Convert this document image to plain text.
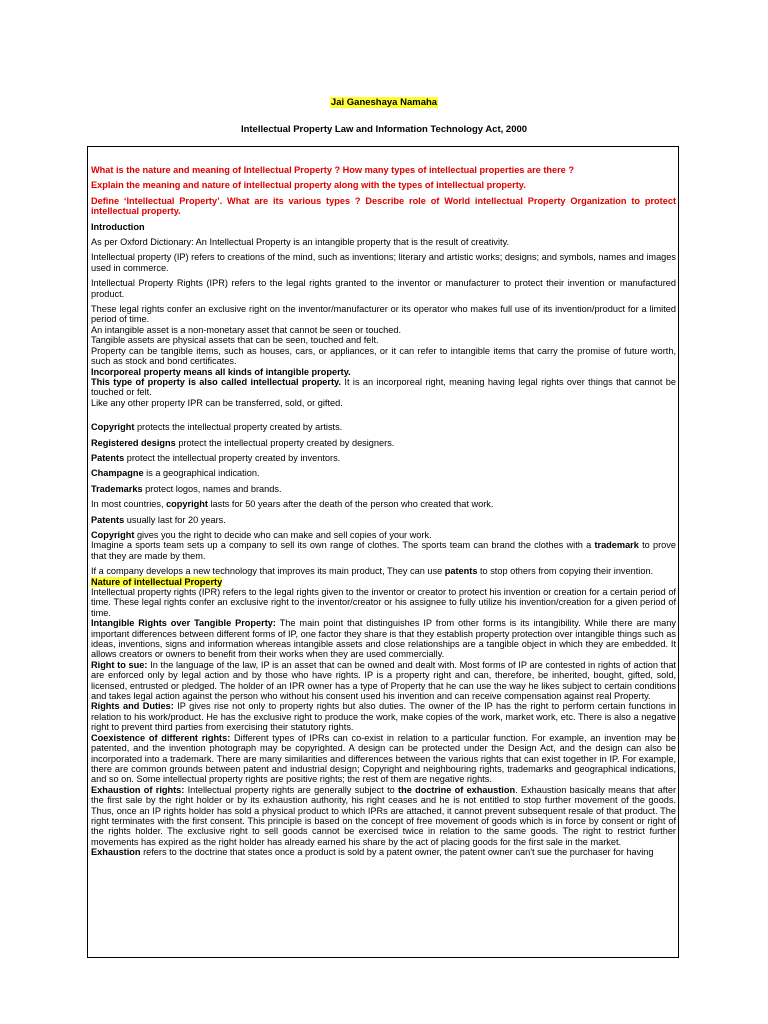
Jai Ganeshaya Namaha
Intellectual Property Law and Information Technology Act, 2000

What is the nature and meaning of Intellectual Property ? How many types of intellectual properties are there ?

Explain the meaning and nature of intellectual property along with the types of intellectual property.

Define ‘Intellectual Property’. What are its various types ? Describe role of World intellectual Property Organization to protect intellectual property.

Introduction

As per Oxford Dictionary: An Intellectual Property is an intangible property that is the result of creativity.

Intellectual property (IP) refers to creations of the mind, such as inventions; literary and artistic works; designs; and symbols, names and images used in commerce.

Intellectual Property Rights (IPR) refers to the legal rights granted to the inventor or manufacturer to protect their invention or manufactured product.

These legal rights confer an exclusive right on the inventor/manufacturer or its operator who makes full use of its invention/product for a limited period of time.

An intangible asset is a non-monetary asset that cannot be seen or touched.

Tangible assets are physical assets that can be seen, touched and felt.

Property can be tangible items, such as houses, cars, or appliances, or it can refer to intangible items that carry the promise of future worth, such as stock and bond certificates.

Incorporeal property means all kinds of intangible property.

This type of property is also called intellectual property. It is an incorporeal right, meaning having legal rights over things that cannot be touched or felt.

Like any other property IPR can be transferred, sold, or gifted.

Copyright protects the intellectual property created by artists.

Registered designs protect the intellectual property created by designers.

Patents protect the intellectual property created by inventors.

Champagne is a geographical indication.

Trademarks protect logos, names and brands.

In most countries, copyright lasts for 50 years after the death of the person who created that work.

Patents usually last for 20 years.

Copyright gives you the right to decide who can make and sell copies of your work.

Imagine a sports team sets up a company to sell its own range of clothes. The sports team can brand the clothes with a trademark to prove that they are made by them.

If a company develops a new technology that improves its main product, They can use patents to stop others from copying their invention.

Nature of intellectual Property

Intellectual property rights (IPR) refers to the legal rights given to the inventor or creator to protect his invention or creation for a certain period of time. These legal rights confer an exclusive right to the inventor/creator or his assignee to fully utilize his invention/creation for a given period of time.

Intangible Rights over Tangible Property: The main point that distinguishes IP from other forms is its intangibility. While there are many important differences between different forms of IP, one factor they share is that they establish property protection over intangible things such as ideas, inventions, signs and information whereas intangible assets and close relationships are a tangible object in which they are embedded. It allows creators or owners to benefit from their works when they are used commercially.

Right to sue: In the language of the law, IP is an asset that can be owned and dealt with. Most forms of IP are contested in rights of action that are enforced only by legal action and by those who have rights. IP is a property right and can, therefore, be inherited, bought, gifted, sold, licensed, entrusted or pledged. The holder of an IPR owner has a type of Property that he can use the way he likes subject to certain conditions and takes legal action against the person who without his consent used his invention and can receive compensation against real Property.

Rights and Duties: IP gives rise not only to property rights but also duties. The owner of the IP has the right to perform certain functions in relation to his work/product. He has the exclusive right to produce the work, make copies of the work, market work, etc. There is also a negative right to prevent third parties from exercising their statutory rights.

Coexistence of different rights: Different types of IPRs can co-exist in relation to a particular function. For example, an invention may be patented, and the invention photograph may be copyrighted. A design can be protected under the Design Act, and the design can also be incorporated into a trademark. There are many similarities and differences between the various rights that can exist together in IP. For example, there are common grounds between patent and industrial design; Copyright and neighbouring rights, trademarks and geographical indications, and so on. Some intellectual property rights are positive rights; the rest of them are negative rights.

Exhaustion of rights: Intellectual property rights are generally subject to the doctrine of exhaustion. Exhaustion basically means that after the first sale by the right holder or by its exhaustion authority, his right ceases and he is not entitled to stop further movement of the goods. Thus, once an IP rights holder has sold a physical product to which IPRs are attached, it cannot prevent subsequent resale of that product. The right terminates with the first consent. This principle is based on the concept of free movement of goods which is in force by consent or right of the rights holder. The exclusive right to sell goods cannot be exercised twice in relation to the same goods. The right to restrict further movements has expired as the right holder has already earned his share by the act of placing goods for the first sale in the market.

Exhaustion refers to the doctrine that states once a product is sold by a patent owner, the patent owner can't sue the purchaser for having
